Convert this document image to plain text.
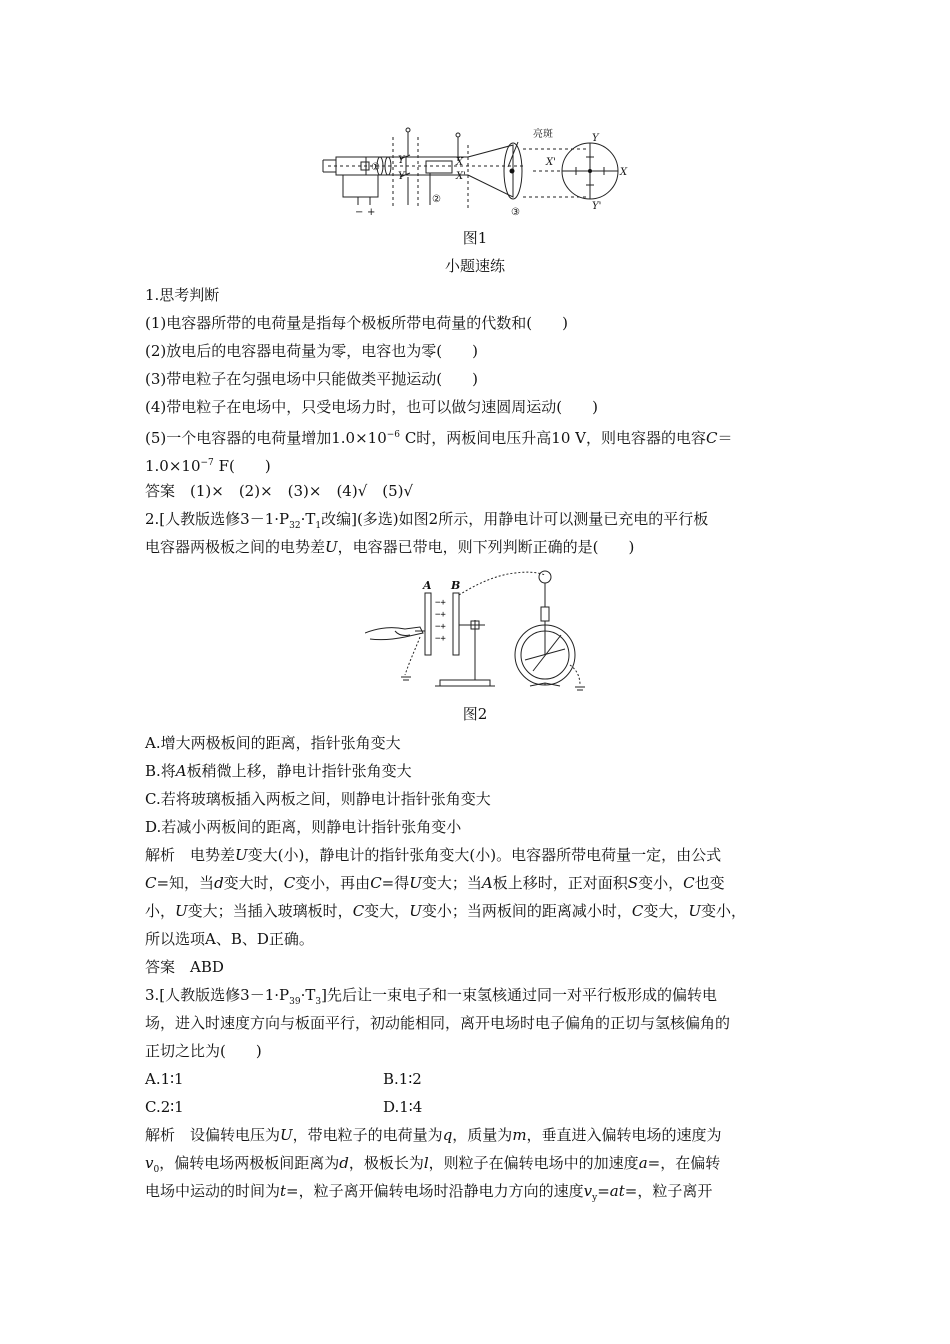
亮斑
①
②
③
X
X'
Y
Y'
X'
X
Y
Y'
− +
图1
小题速练
1.思考判断
(1)电容器所带的电荷量是指每个极板所带电荷量的代数和(　　)
(2)放电后的电容器电荷量为零，电容也为零(　　)
(3)带电粒子在匀强电场中只能做类平抛运动(　　)
(4)带电粒子在电场中，只受电场力时，也可以做匀速圆周运动(　　)
(5)一个电容器的电荷量增加$1.0\times 10^{-6}$ C时，两板间电压升高10 V，则电容器的电容C＝
$1.0\times 10^{-7}$ F(　　)
答案　(1)×　(2)×　(3)×　(4)√　(5)√
2.[人教版选修$3-1\cdot P_{32}\cdot T_1$改编](多选)如图2所示，用静电计可以测量已充电的平行板
电容器两极板之间的电势差U，电容器已带电，则下列判断正确的是(　　)
−+
−+
−+
−+
A B
图2
A.增大两极板间的距离，指针张角变大
B.将A板稍微上移，静电计指针张角变大
C.若将玻璃板插入两板之间，则静电计指针张角变大
D.若减小两板间的距离，则静电计指针张角变小
解析　电势差U变大(小)，静电计的指针张角变大(小)。电容器所带电荷量一定，由公式
C=知，当d变大时，C变小，再由C=得U变大；当A板上移时，正对面积S变小，C也变
小，U变大；当插入玻璃板时，C变大，U变小；当两板间的距离减小时，C变大，U变小，
所以选项A、B、D正确。
答案　ABD
3.[人教版选修$3-1\cdot P_{39}\cdot T_3$]先后让一束电子和一束氢核通过同一对平行板形成的偏转电
场，进入时速度方向与板面平行，初动能相同，离开电场时电子偏角的正切与氢核偏角的
正切之比为(　　)
A.1∶1	B.1∶2
C.2∶1	D.1∶4
解析　设偏转电压为U，带电粒子的电荷量为q，质量为m，垂直进入偏转电场的速度为
$v_0$，偏转电场两极板间距离为d，极板长为l，则粒子在偏转电场中的加速度a=，在偏转
电场中运动的时间为t=，粒子离开偏转电场时沿静电力方向的速度$v_y=at=$，粒子离开
